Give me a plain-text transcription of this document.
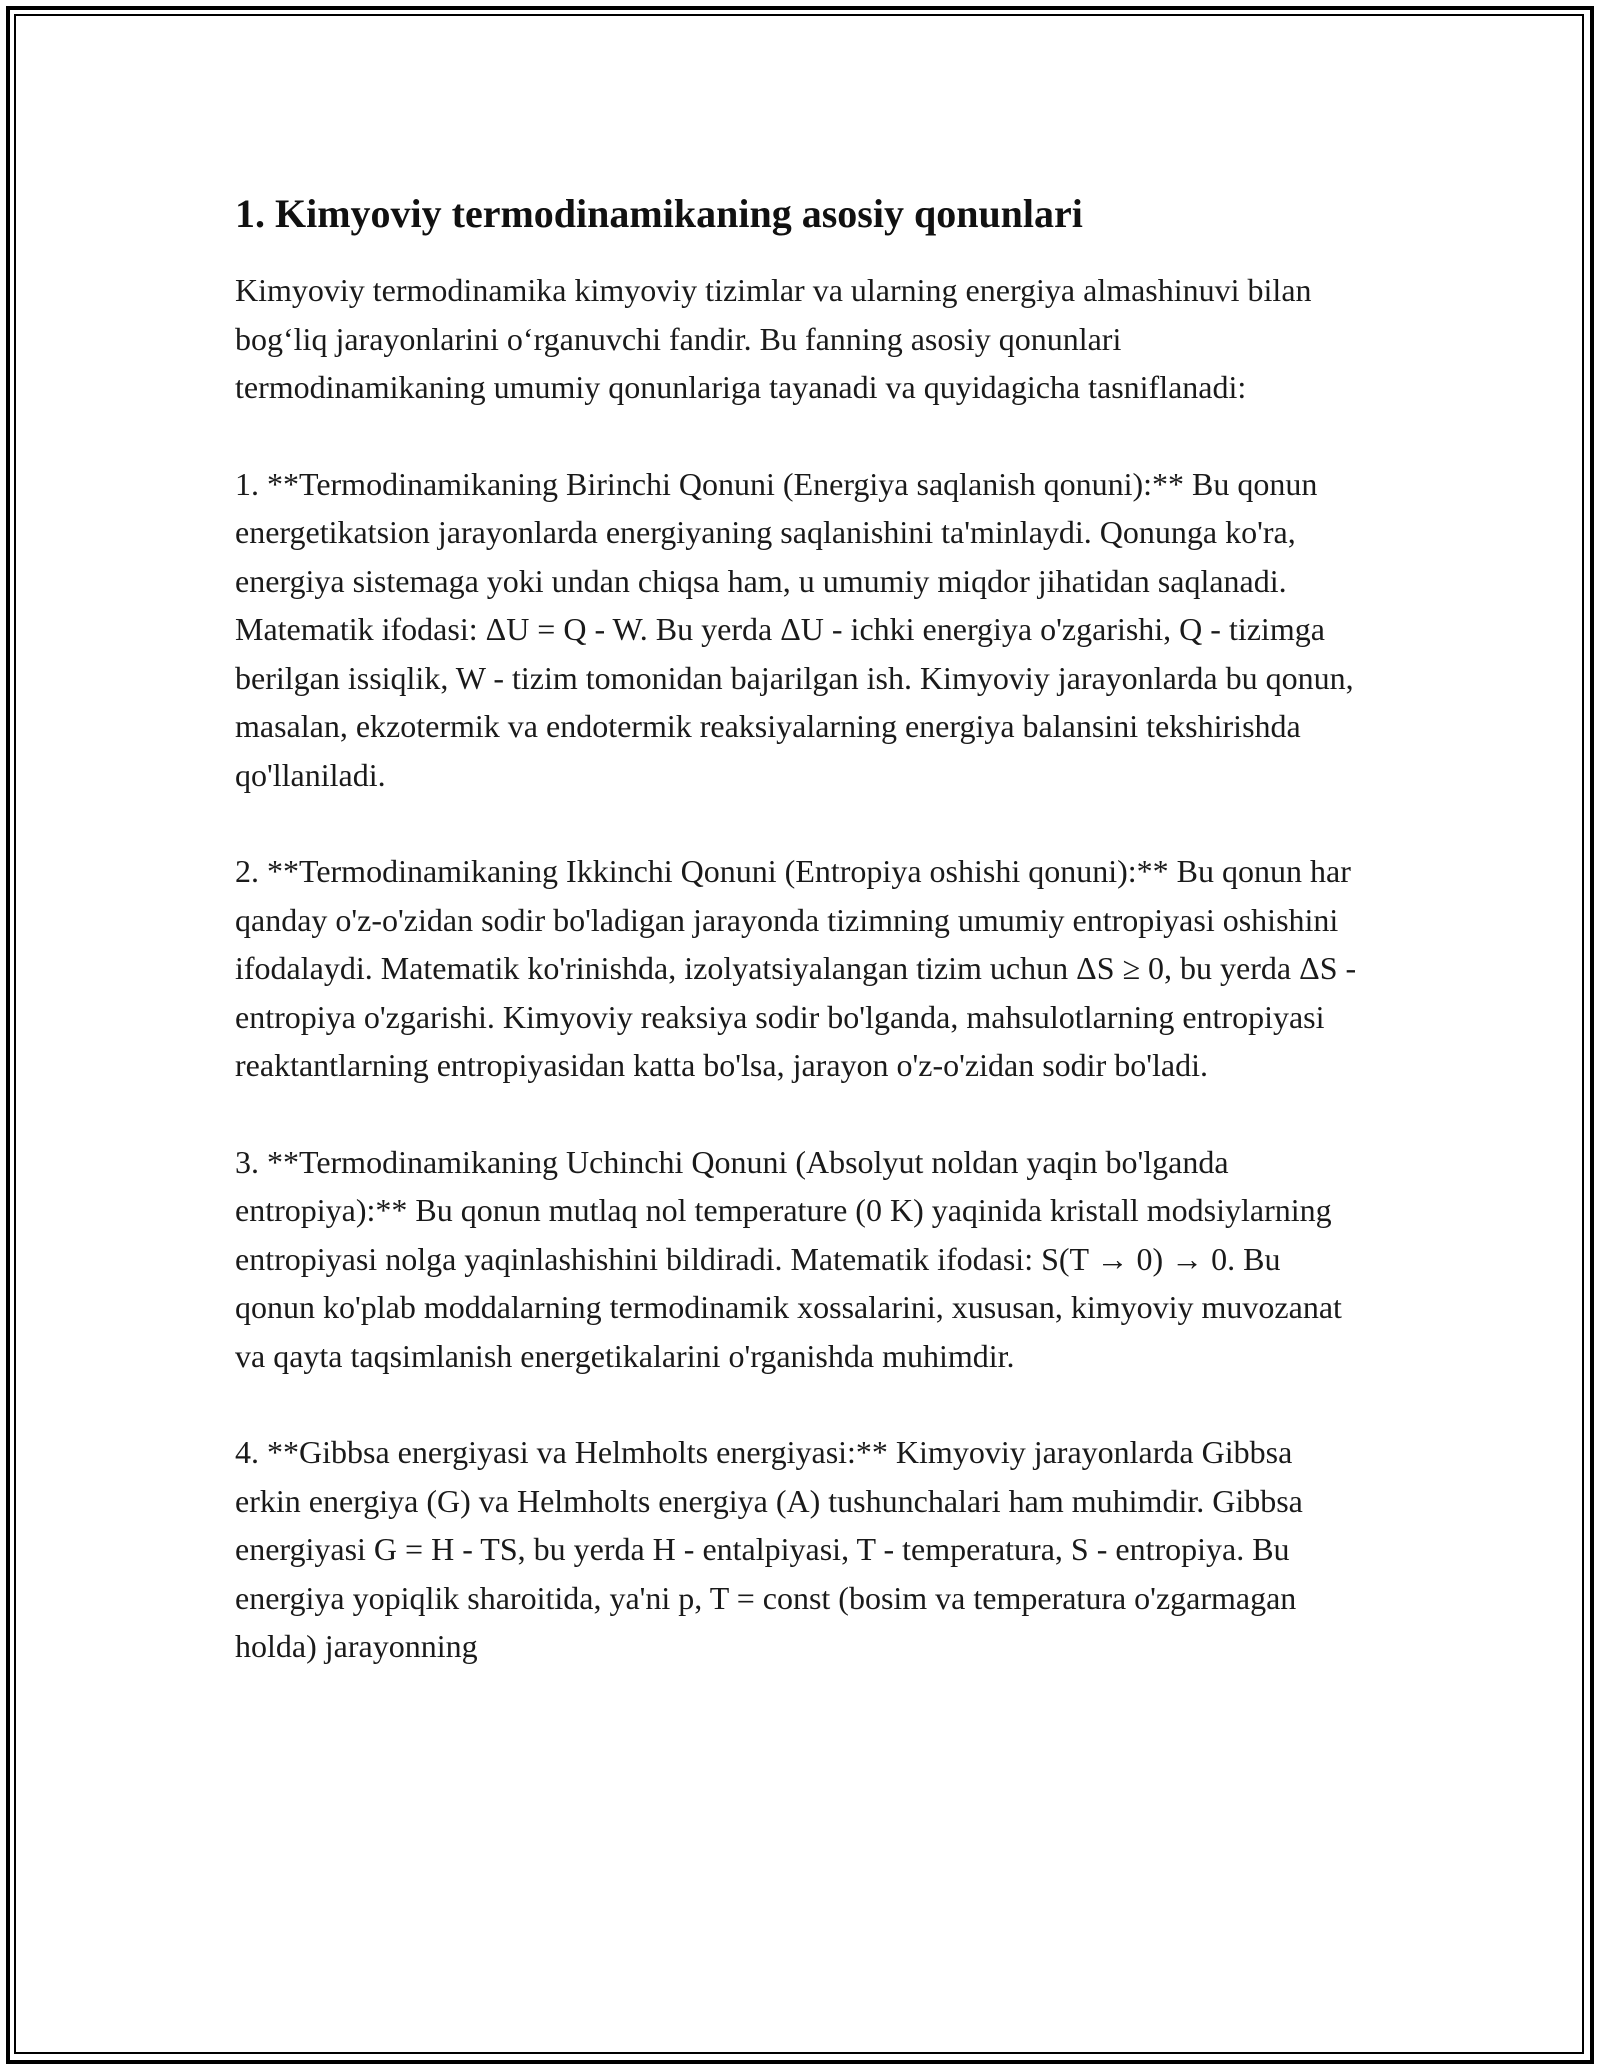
1. Kimyoviy termodinamikaning asosiy qonunlari

Kimyoviy termodinamika kimyoviy tizimlar va ularning energiya almashinuvi bilan bog‘liq jarayonlarini o‘rganuvchi fandir. Bu fanning asosiy qonunlari termodinamikaning umumiy qonunlariga tayanadi va quyidagicha tasniflanadi:

1. **Termodinamikaning Birinchi Qonuni (Energiya saqlanish qonuni):** Bu qonun energetikatsion jarayonlarda energiyaning saqlanishini ta'minlaydi. Qonunga ko'ra, energiya sistemaga yoki undan chiqsa ham, u umumiy miqdor jihatidan saqlanadi. Matematik ifodasi: ΔU = Q - W. Bu yerda ΔU - ichki energiya o'zgarishi, Q - tizimga berilgan issiqlik, W - tizim tomonidan bajarilgan ish. Kimyoviy jarayonlarda bu qonun, masalan, ekzotermik va endotermik reaksiyalarning energiya balansini tekshirishda qo'llaniladi.

2. **Termodinamikaning Ikkinchi Qonuni (Entropiya oshishi qonuni):** Bu qonun har qanday o'z-o'zidan sodir bo'ladigan jarayonda tizimning umumiy entropiyasi oshishini ifodalaydi. Matematik ko'rinishda, izolyatsiyalangan tizim uchun ΔS ≥ 0, bu yerda ΔS - entropiya o'zgarishi. Kimyoviy reaksiya sodir bo'lganda, mahsulotlarning entropiyasi reaktantlarning entropiyasidan katta bo'lsa, jarayon o'z-o'zidan sodir bo'ladi.

3. **Termodinamikaning Uchinchi Qonuni (Absolyut noldan yaqin bo'lganda entropiya):** Bu qonun mutlaq nol temperature (0 K) yaqinida kristall modsiylarning entropiyasi nolga yaqinlashishini bildiradi. Matematik ifodasi: S(T → 0) → 0. Bu qonun ko'plab moddalarning termodinamik xossalarini, xususan, kimyoviy muvozanat va qayta taqsimlanish energetikalarini o'rganishda muhimdir.

4. **Gibbsa energiyasi va Helmholts energiyasi:** Kimyoviy jarayonlarda Gibbsa erkin energiya (G) va Helmholts energiya (A) tushunchalari ham muhimdir. Gibbsa energiyasi G = H - TS, bu yerda H - entalpiyasi, T - temperatura, S - entropiya. Bu energiya yopiqlik sharoitida, ya'ni p, T = const (bosim va temperatura o'zgarmagan holda) jarayonning
